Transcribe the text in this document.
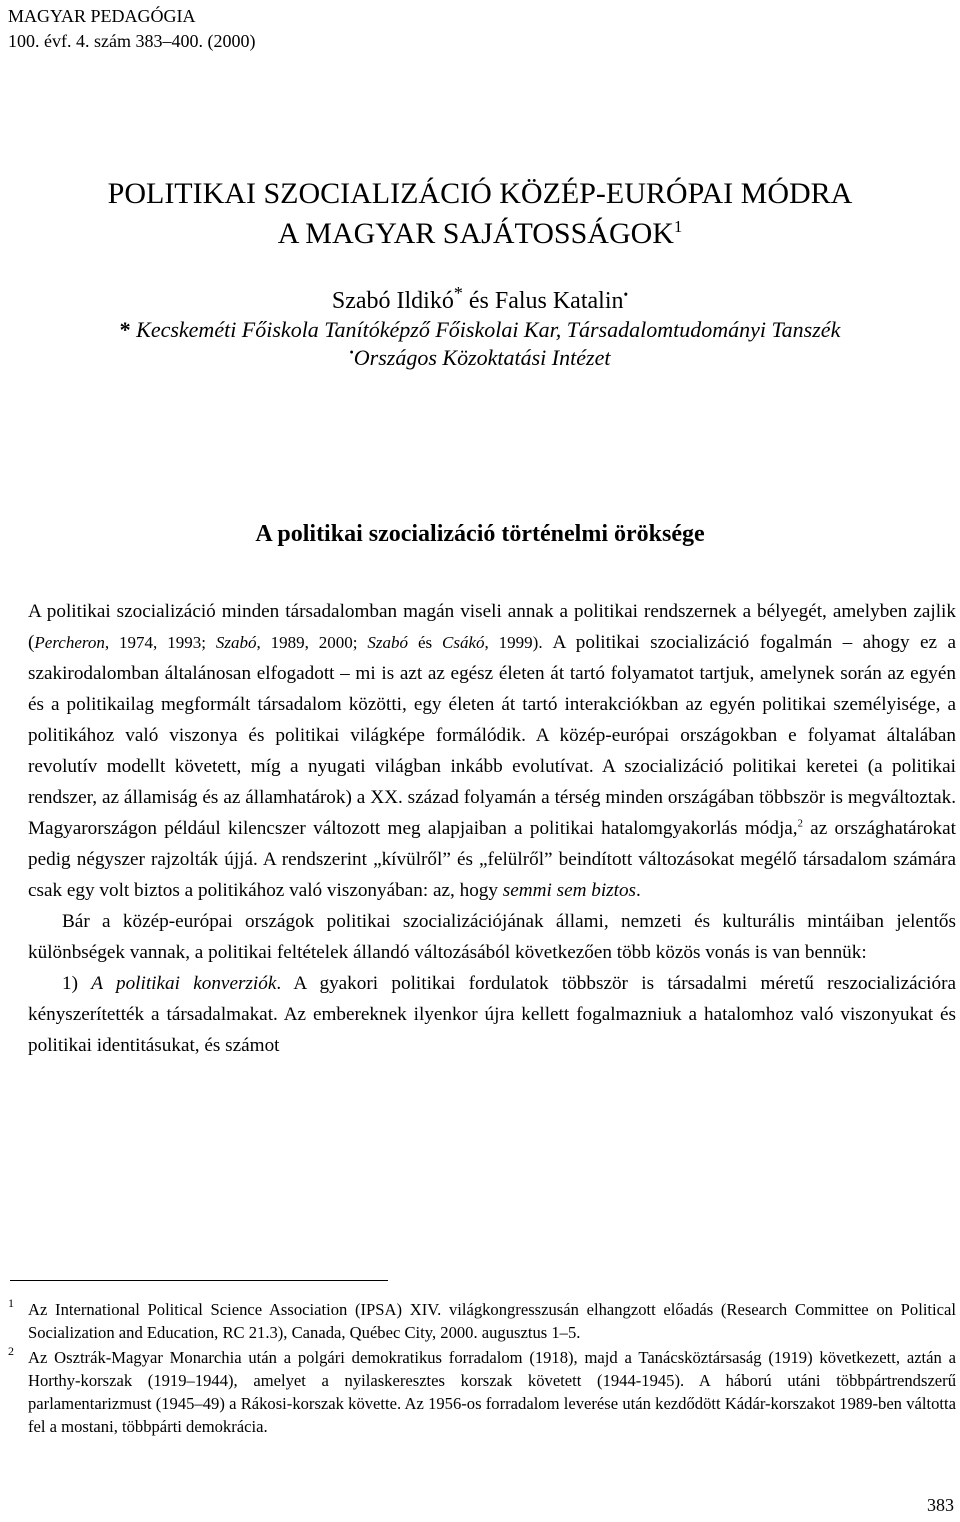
MAGYAR PEDAGÓGIA
100. évf. 4. szám 383–400. (2000)
POLITIKAI SZOCIALIZÁCIÓ KÖZÉP-EURÓPAI MÓDRA
A MAGYAR SAJÁTOSSÁGOK$^1$
Szabó Ildikó* és Falus Katalin•
* Kecskeméti Főiskola Tanítóképző Főiskolai Kar, Társadalomtudományi Tanszék
•Országos Közoktatási Intézet
A politikai szocializáció történelmi öröksége

A politikai szocializáció minden társadalomban magán viseli annak a politikai rendszernek a bélyegét, amelyben zajlik (Percheron, 1974, 1993; Szabó, 1989, 2000; Szabó és Csákó, 1999). A politikai szocializáció fogalmán – ahogy ez a szakirodalomban általánosan elfogadott – mi is azt az egész életen át tartó folyamatot tartjuk, amelynek során az egyén és a politikailag megformált társadalom közötti, egy életen át tartó interakciókban az egyén politikai személyisége, a politikához való viszonya és politikai világképe formálódik. A közép-európai országokban e folyamat általában revolutív modellt követett, míg a nyugati világban inkább evolutívat. A szocializáció politikai keretei (a politikai rendszer, az államiság és az államhatárok) a XX. század folyamán a térség minden országában többször is megváltoztak. Magyarországon például kilencszer változott meg alapjaiban a politikai hatalomgyakorlás módja,$^2$ az országhatárokat pedig négyszer rajzolták újjá. A rendszerint „kívülről” és „felülről” beindított változásokat megélő társadalom számára csak egy volt biztos a politikához való viszonyában: az, hogy semmi sem biztos.

Bár a közép-európai országok politikai szocializációjának állami, nemzeti és kulturális mintáiban jelentős különbségek vannak, a politikai feltételek állandó változásából következően több közös vonás is van bennük:

1) A politikai konverziók. A gyakori politikai fordulatok többször is társadalmi méretű reszocializációra kényszerítették a társadalmakat. Az embereknek ilyenkor újra kellett fogalmazniuk a hatalomhoz való viszonyukat és politikai identitásukat, és számot

1 Az International Political Science Association (IPSA) XIV. világkongresszusán elhangzott előadás (Research Committee on Political Socialization and Education, RC 21.3), Canada, Québec City, 2000. augusztus 1–5.
2 Az Osztrák-Magyar Monarchia után a polgári demokratikus forradalom (1918), majd a Tanácsköztársaság (1919) következett, aztán a Horthy-korszak (1919–1944), amelyet a nyilaskeresztes korszak követett (1944-1945). A háború utáni többpártrendszerű parlamentarizmust (1945–49) a Rákosi-korszak követte. Az 1956-os forradalom leverése után kezdődött Kádár-korszakot 1989-ben váltotta fel a mostani, többpárti demokrácia.
383
